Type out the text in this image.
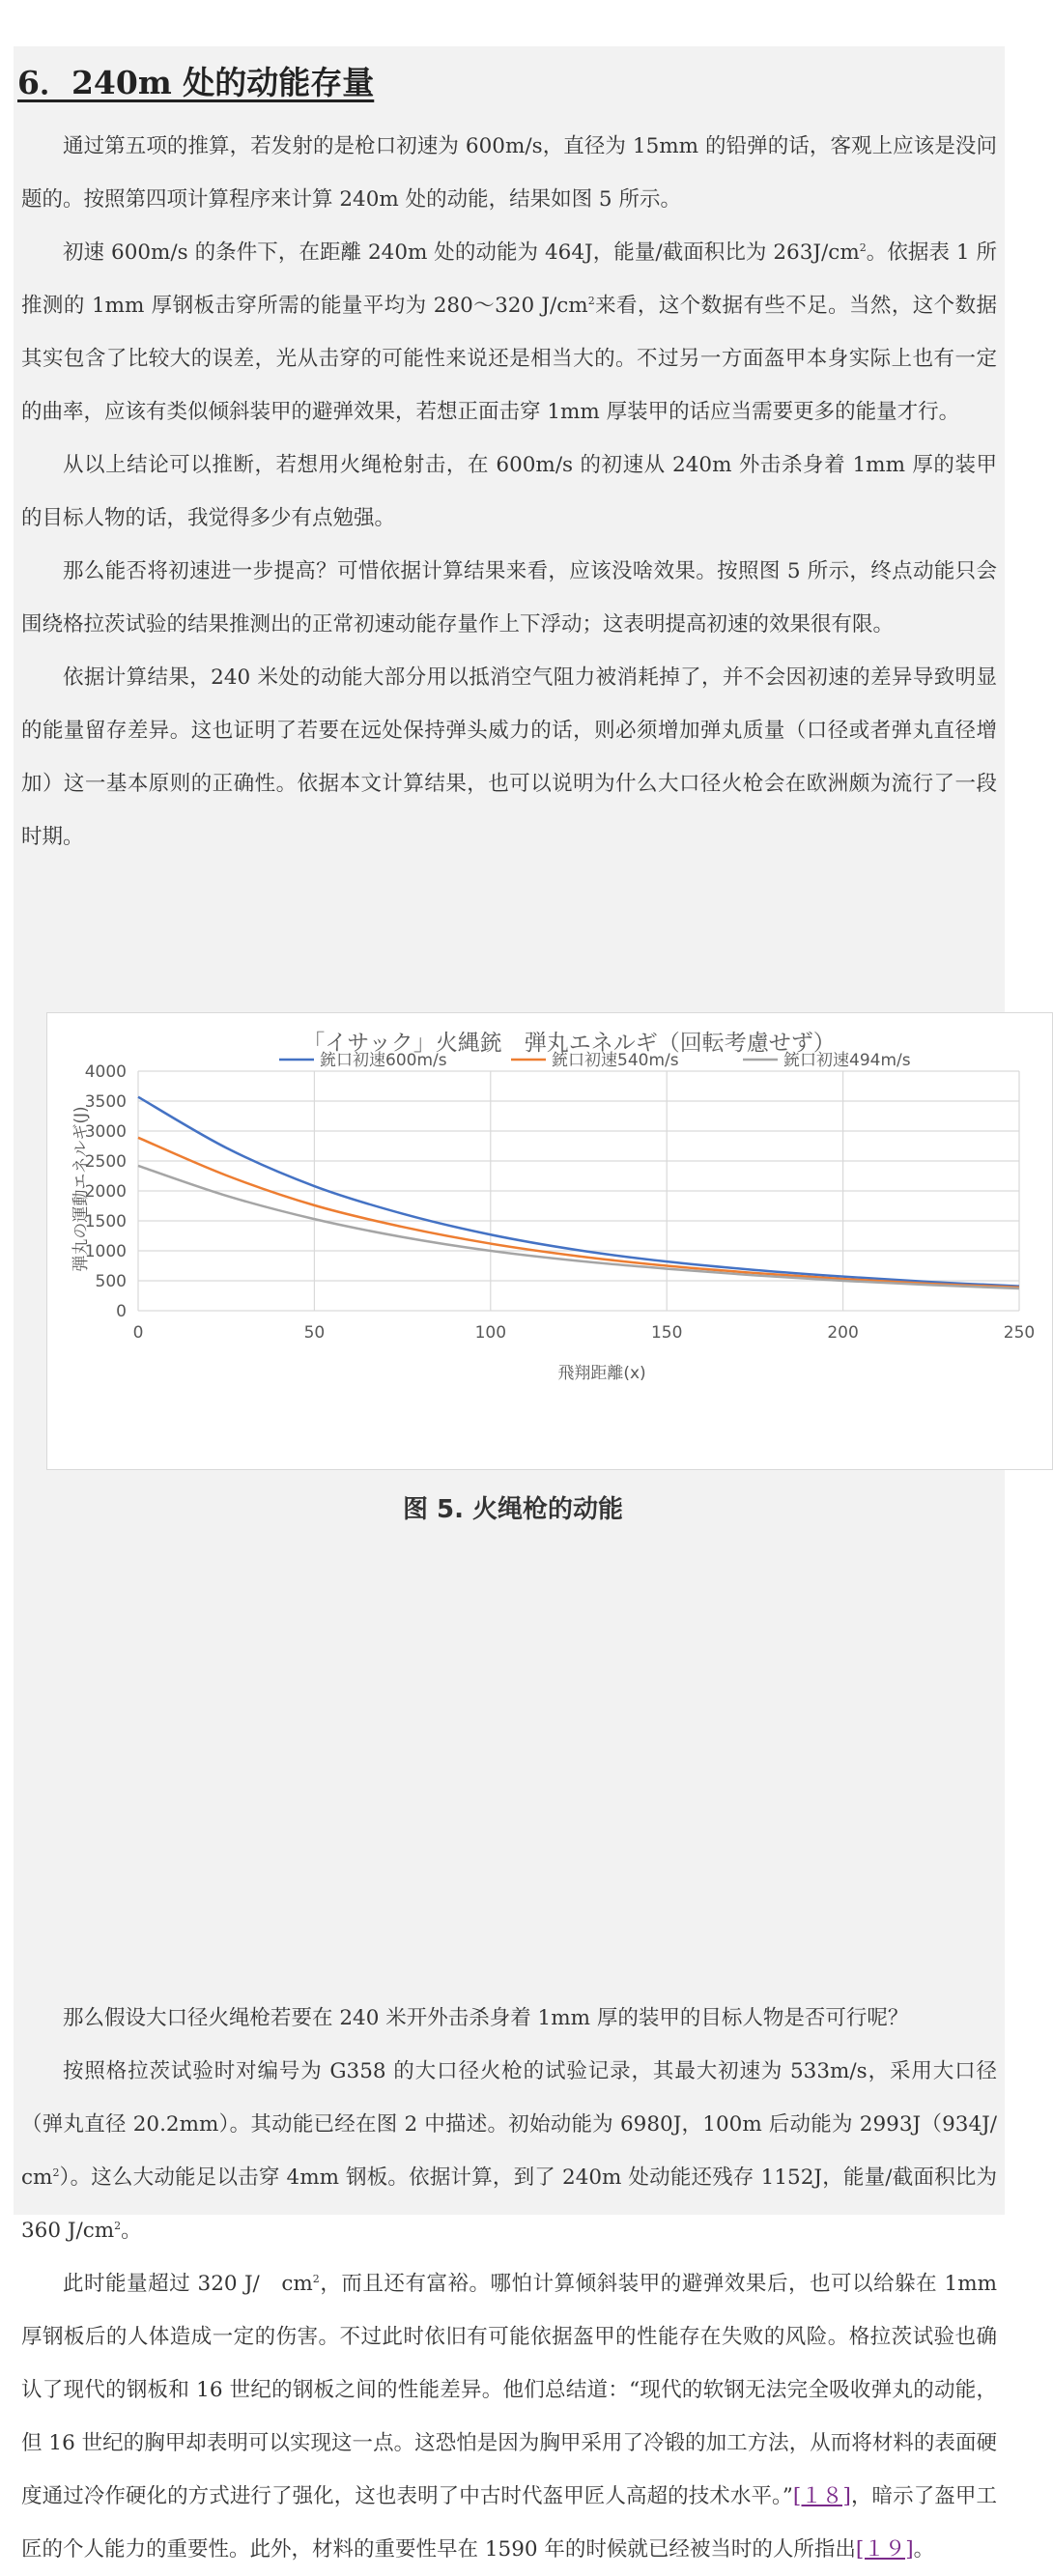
6．240m 处的动能存量

通过第五项的推算，若发射的是枪口初速为 600m/s，直径为 15mm 的铅弹的话，客观上应该是没问题的。按照第四项计算程序来计算 240m 处的动能，结果如图 5 所示。

初速 600m/s 的条件下，在距離 240m 处的动能为 464J，能量/截面积比为 $263J/cm^2$。依据表 1 所推测的 1mm 厚钢板击穿所需的能量平均为 280～320 $J/cm^2$来看，这个数据有些不足。当然，这个数据其实包含了比较大的误差，光从击穿的可能性来说还是相当大的。不过另一方面盔甲本身实际上也有一定的曲率，应该有类似倾斜装甲的避弹效果，若想正面击穿 1mm 厚装甲的话应当需要更多的能量才行。

从以上结论可以推断，若想用火绳枪射击，在 600m/s 的初速从 240m 外击杀身着 1mm 厚的装甲的目标人物的话，我觉得多少有点勉强。

那么能否将初速进一步提高？可惜依据计算结果来看，应该没啥效果。按照图 5 所示，终点动能只会围绕格拉茨试验的结果推测出的正常初速动能存量作上下浮动；这表明提高初速的效果很有限。

依据计算结果，240 米处的动能大部分用以抵消空气阻力被消耗掉了，并不会因初速的差异导致明显的能量留存差异。这也证明了若要在远处保持弹头威力的话，则必须增加弹丸质量（口径或者弹丸直径增加）这一基本原则的正确性。依据本文计算结果，也可以说明为什么大口径火枪会在欧洲颇为流行了一段时期。

「イサック」火縄銃　弾丸エネルギ（回転考慮せず）
銃口初速600m/s	銃口初速540m/s	銃口初速494m/s
0
500
1000
1500
2000
2500
3000
3500
4000
0	50	100	150	200	250
飛翔距離(x)
弾丸の運動エネルギ(J)
图 5. 火绳枪的动能

那么假设大口径火绳枪若要在 240 米开外击杀身着 1mm 厚的装甲的目标人物是否可行呢？

按照格拉茨试验时对编号为 G358 的大口径火枪的试验记录，其最大初速为 533m/s，采用大口径（弹丸直径 20.2mm）。其动能已经在图 2 中描述。初始动能为 6980J，100m 后动能为 2993J（934J/　$cm^2$）。这么大动能足以击穿 4mm 钢板。依据计算，到了 240m 处动能还残存 1152J，能量/截面积比为 360 $J/cm^2$。

此时能量超过 320 J/　$cm^2$，而且还有富裕。哪怕计算倾斜装甲的避弹效果后，也可以给躲在 1mm 厚钢板后的人体造成一定的伤害。不过此时依旧有可能依据盔甲的性能存在失败的风险。格拉茨试验也确认了现代的钢板和 16 世纪的钢板之间的性能差异。他们总结道：“现代的软钢无法完全吸收弹丸的动能，但 16 世纪的胸甲却表明可以实现这一点。这恐怕是因为胸甲采用了冷锻的加工方法，从而将材料的表面硬度通过冷作硬化的方式进行了强化，这也表明了中古时代盔甲匠人高超的技术水平。”[１８]，暗示了盔甲工匠的个人能力的重要性。此外，材料的重要性早在 1590 年的时候就已经被当时的人所指出[１９]。
